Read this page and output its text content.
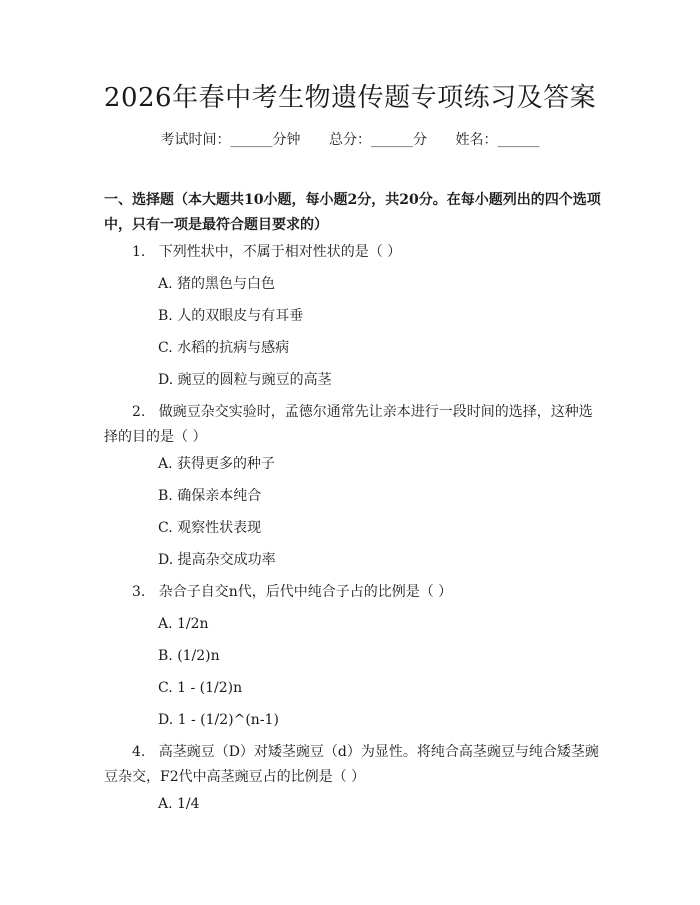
2026年春中考生物遗传题专项练习及答案
考试时间：______分钟 总分：______分 姓名：______
一、选择题（本大题共10小题，每小题2分，共20分。在每小题列出的四个选项中，只有一项是最符合题目要求的）
1.   下列性状中，不属于相对性状的是（ ）
A. 猪的黑色与白色
B. 人的双眼皮与有耳垂
C. 水稻的抗病与感病
D. 豌豆的圆粒与豌豆的高茎
2.   做豌豆杂交实验时，孟德尔通常先让亲本进行一段时间的选择，这种选择的目的是（ ）
A. 获得更多的种子
B. 确保亲本纯合
C. 观察性状表现
D. 提高杂交成功率
3.   杂合子自交n代，后代中纯合子占的比例是（ ）
A. 1/2n
B. (1/2)n
C. 1 - (1/2)n
D. 1 - (1/2)^(n-1)
4.   高茎豌豆（D）对矮茎豌豆（d）为显性。将纯合高茎豌豆与纯合矮茎豌豆杂交，F2代中高茎豌豆占的比例是（ ）
A. 1/4
